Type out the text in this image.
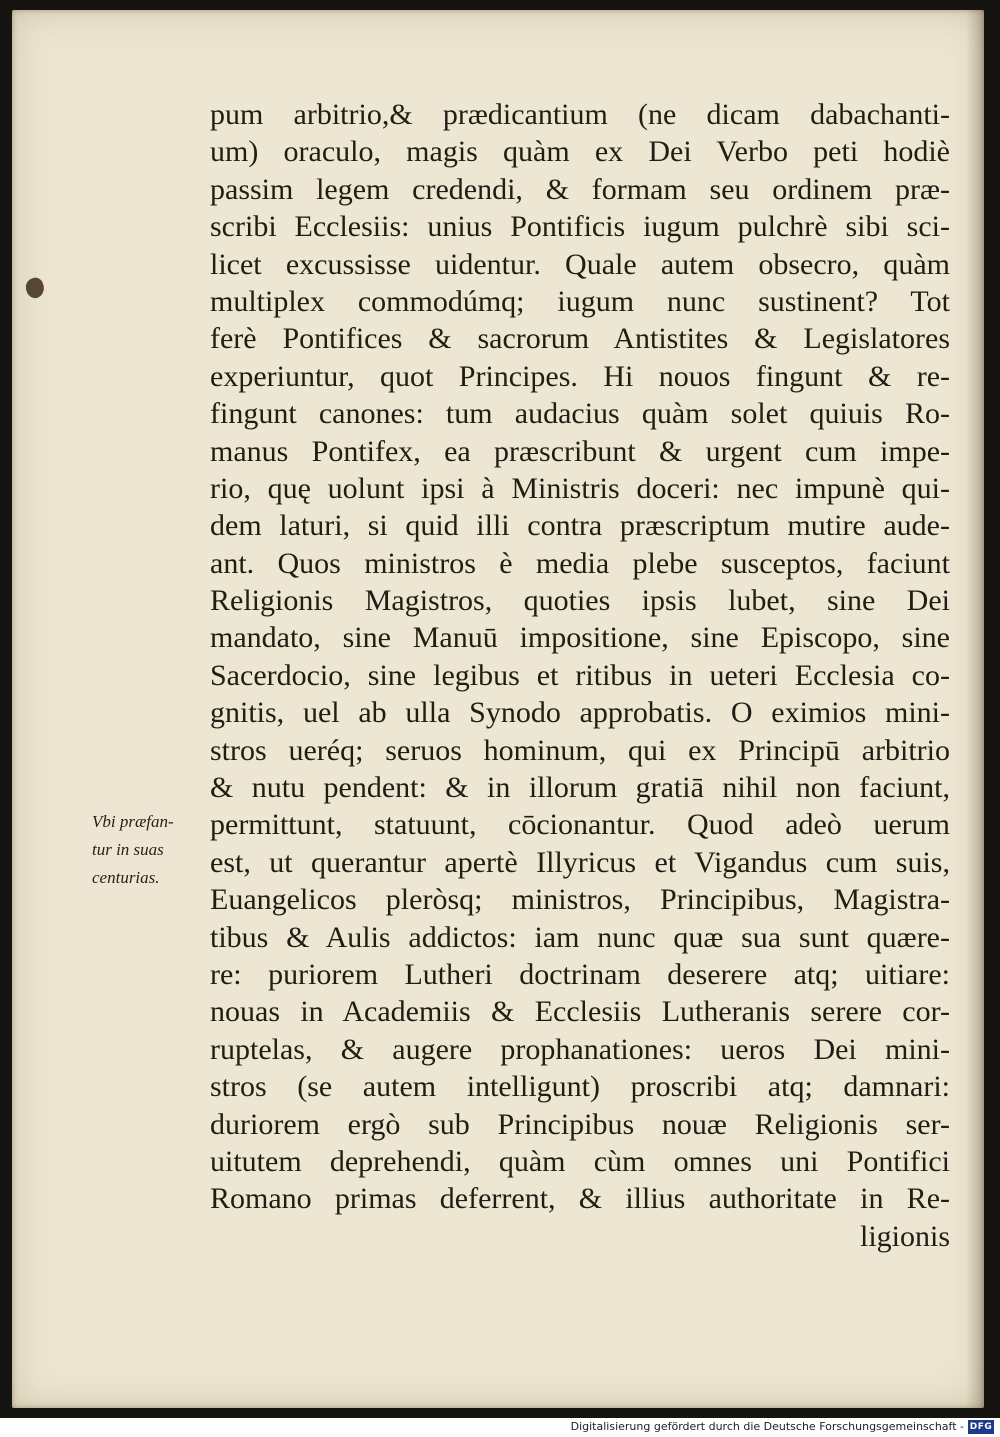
pum arbitrio,& prædicantium (ne dicam dabachanti-
um) oraculo, magis quàm ex Dei Verbo peti hodiè
passim legem credendi, & formam seu ordinem præ-
scribi Ecclesiis: unius Pontificis iugum pulchrè sibi sci-
licet excussisse uidentur. Quale autem obsecro, quàm
multiplex commodúmq; iugum nunc sustinent? Tot
ferè Pontifices & sacrorum Antistites & Legislatores
experiuntur, quot Principes. Hi nouos fingunt & re-
fingunt canones: tum audacius quàm solet quiuis Ro-
manus Pontifex, ea præscribunt & urgent cum impe-
rio, quę uolunt ipsi à Ministris doceri: nec impunè qui-
dem laturi, si quid illi contra præscriptum mutire aude-
ant. Quos ministros è media plebe susceptos, faciunt
Religionis Magistros, quoties ipsis lubet, sine Dei
mandato, sine Manuū impositione, sine Episcopo, sine
Sacerdocio, sine legibus et ritibus in ueteri Ecclesia co-
gnitis, uel ab ulla Synodo approbatis. O eximios mini-
stros ueréq; seruos hominum, qui ex Principū arbitrio
& nutu pendent: & in illorum gratiā nihil non faciunt,
permittunt, statuunt, cōcionantur. Quod adeò uerum
est, ut querantur apertè Illyricus et Vigandus cum suis,
Euangelicos pleròsq; ministros, Principibus, Magistra-
tibus & Aulis addictos: iam nunc quæ sua sunt quære-
re: puriorem Lutheri doctrinam deserere atq; uitiare:
nouas in Academiis & Ecclesiis Lutheranis serere cor-
ruptelas, & augere prophanationes: ueros Dei mini-
stros (se autem intelligunt) proscribi atq; damnari:
duriorem ergò sub Principibus nouæ Religionis ser-
uitutem deprehendi, quàm cùm omnes uni Pontifici
Romano primas deferrent, & illius authoritate in Re-
ligionis
Vbi præfan-
tur in suas
centurias.
Digitalisierung gefördert durch die Deutsche Forschungsgemeinschaft - DFG
